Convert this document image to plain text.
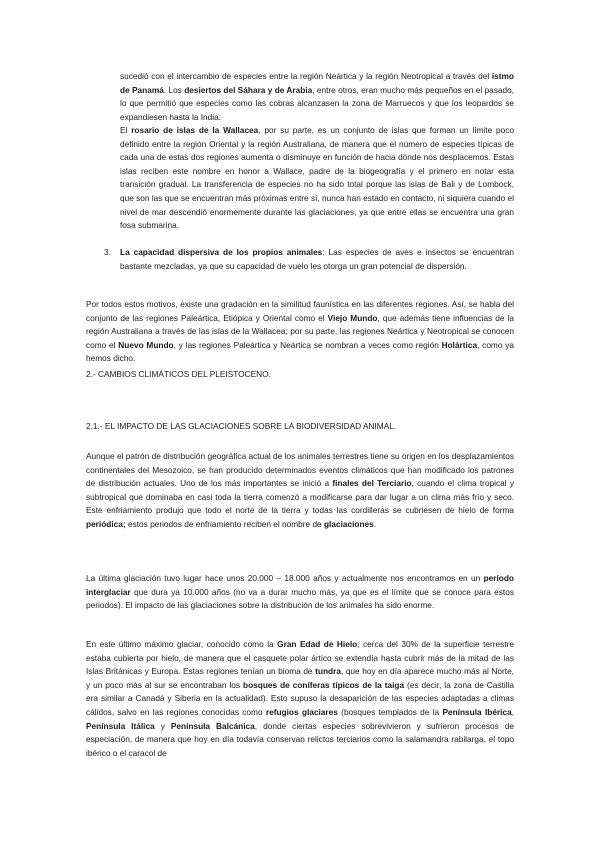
sucedió con el intercambio de especies entre la región Neártica y la región Neotropical a través del istmo de Panamá. Los desiertos del Sáhara y de Arabia, entre otros, eran mucho más pequeños en el pasado, lo que permitió que especies como las cobras alcanzasen la zona de Marruecos y que los leopardos se expandiesen hasta la India.

El rosario de islas de la Wallacea, por su parte, es un conjunto de islas que forman un límite poco definido entre la región Oriental y la región Australiana, de manera que el número de especies típicas de cada una de estas dos regiones aumenta o disminuye en función de hacia dónde nos desplacemos. Estas islas reciben este nombre en honor a Wallace, padre de la biogeografía y el primero en notar esta transición gradual. La transferencia de especies no ha sido total porque las islas de Bali y de Lombock, que son las que se encuentran más próximas entre sí, nunca han estado en contacto, ni siquiera cuando el nivel de mar descendió enormemente durante las glaciaciones, ya que entre ellas se encuentra una gran fosa submarina.

3. La capacidad dispersiva de los propios animales: Las especies de aves e insectos se encuentran bastante mezcladas, ya que su capacidad de vuelo les otorga un gran potencial de dispersión.

Por todos estos motivos, existe una gradación en la similitud faunística en las diferentes regiones. Así, se habla del conjunto de las regiones Paleártica, Etiópica y Oriental como el Viejo Mundo, que además tiene influencias de la región Australiana a través de las islas de la Wallacea; por su parte, las regiones Neártica y Neotropical se conocen como el Nuevo Mundo, y las regiones Paleártica y Neártica se nombran a veces como región Holártica, como ya hemos dicho.

2.- CAMBIOS CLIMÁTICOS DEL PLEISTOCENO.

2.1.- EL IMPACTO DE LAS GLACIACIONES SOBRE LA BIODIVERSIDAD ANIMAL.

Aunque el patrón de distribución geográfica actual de los animales terrestres tiene su origen en los desplazamientos continentales del Mesozoico, se han producido determinados eventos climáticos que han modificado los patrones de distribución actuales. Uno de los más importantes se inició a finales del Terciario, cuando el clima tropical y subtropical que dominaba en casi toda la tierra comenzó a modificarse para dar lugar a un clima más frío y seco. Este enfriamiento produjo que todo el norte de la tierra y todas las cordilleras se cubriesen de hielo de forma periódica; estos periodos de enfriamiento reciben el nombre de glaciaciones.

La última glaciación tuvo lugar hace unos 20.000 – 18.000 años y actualmente nos encontramos en un período interglaciar que dura ya 10.000 años (no va a durar mucho más, ya que es el límite que se conoce para estos periodos). El impacto de las glaciaciones sobre la distribución de los animales ha sido enorme.

En este último máximo glaciar, conocido como la Gran Edad de Hielo, cerca del 30% de la superficie terrestre estaba cubierta por hielo, de manera que el casquete polar ártico se extendía hasta cubrir más de la mitad de las Islas Británicas y Europa. Estas regiones tenían un bioma de tundra, que hoy en día aparece mucho más al Norte, y un poco más al sur se encontraban los bosques de coníferas típicos de la taiga (es decir, la zona de Castilla era similar a Canadá y Siberia en la actualidad). Esto supuso la desaparición de las especies adaptadas a climas cálidos, salvo en las regiones conocidas como refugios glaciares (bosques templados de la Península Ibérica, Península Itálica y Península Balcánica, donde ciertas especies sobrevivieron y sufrieron procesos de especiación, de manera que hoy en día todavía conservan relictos terciarios como la salamandra rabilarga, el topo ibérico o el caracol de
